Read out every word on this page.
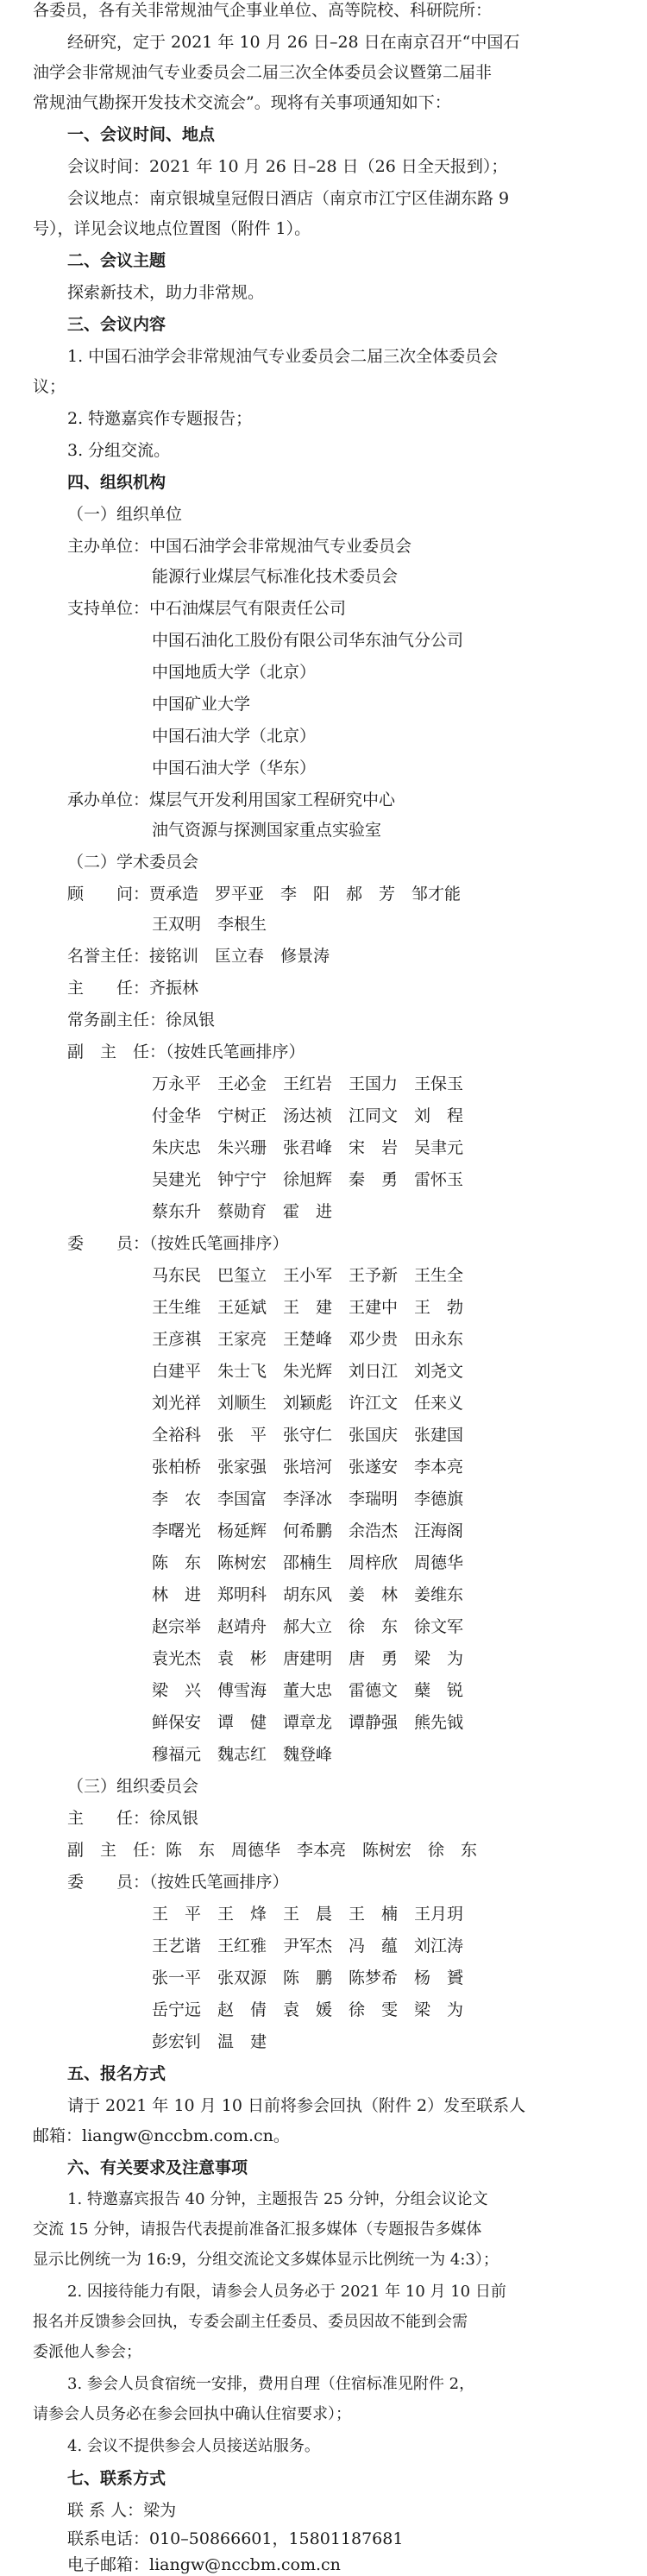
各委员，各有关非常规油气企事业单位、高等院校、科研院所：
经研究，定于 2021 年 10 月 26 日–28 日在南京召开“中国石
油学会非常规油气专业委员会二届三次全体委员会议暨第二届非
常规油气勘探开发技术交流会”。现将有关事项通知如下：
一、会议时间、地点
会议时间：2021 年 10 月 26 日–28 日（26 日全天报到）；
会议地点：南京银城皇冠假日酒店（南京市江宁区佳湖东路 9
号），详见会议地点位置图（附件 1）。
二、会议主题
探索新技术，助力非常规。
三、会议内容
1. 中国石油学会非常规油气专业委员会二届三次全体委员会
议；
2. 特邀嘉宾作专题报告；
3. 分组交流。
四、组织机构
（一）组织单位
主办单位：中国石油学会非常规油气专业委员会
能源行业煤层气标准化技术委员会
支持单位：中石油煤层气有限责任公司
中国石油化工股份有限公司华东油气分公司
中国地质大学（北京）
中国矿业大学
中国石油大学（北京）
中国石油大学（华东）
承办单位：煤层气开发利用国家工程研究中心
油气资源与探测国家重点实验室
（二）学术委员会
顾　　问：贾承造　罗平亚　李　阳　郝　芳　邹才能
王双明　李根生
名誉主任：接铭训　匡立春　修景涛
主　　任：齐振林
常务副主任：徐凤银
副　主　任：（按姓氏笔画排序）
万永平　王必金　王红岩　王国力　王保玉
付金华　宁树正　汤达祯　江同文　刘　程
朱庆忠　朱兴珊　张君峰　宋　岩　吴聿元
吴建光　钟宁宁　徐旭辉　秦　勇　雷怀玉
蔡东升　蔡勋育　霍　进
委　　员：（按姓氏笔画排序）
马东民　巴玺立　王小军　王予新　王生全
王生维　王延斌　王　建　王建中　王　勃
王彦祺　王家亮　王楚峰　邓少贵　田永东
白建平　朱士飞　朱光辉　刘日江　刘尧文
刘光祥　刘顺生　刘颖彪　许江文　任来义
全裕科　张　平　张守仁　张国庆　张建国
张柏桥　张家强　张培河　张遂安　李本亮
李　农　李国富　李泽冰　李瑞明　李德旗
李曙光　杨延辉　何希鹏　余浩杰　汪海阁
陈　东　陈树宏　邵楠生　周梓欣　周德华
林　进　郑明科　胡东风　姜　林　姜维东
赵宗举　赵靖舟　郝大立　徐　东　徐文军
袁光杰　袁　彬　唐建明　唐　勇　梁　为
梁　兴　傅雪海　董大忠　雷德文　蘖　锐
鲜保安　谭　健　谭章龙　谭静强　熊先钺
穆福元　魏志红　魏登峰
（三）组织委员会
主　　任：徐凤银
副　主　任：陈　东　周德华　李本亮　陈树宏　徐　东
委　　员：（按姓氏笔画排序）
王　平　王　烽　王　晨　王　楠　王月玥
王艺谐　王红雅　尹军杰　冯　蕴　刘江涛
张一平　张双源　陈　鹏　陈梦希　杨　贇
岳宁远　赵　倩　袁　媛　徐　雯　梁　为
彭宏钊　温　建
五、报名方式
请于 2021 年 10 月 10 日前将参会回执（附件 2）发至联系人
邮箱：liangw@nccbm.com.cn。
六、有关要求及注意事项
1. 特邀嘉宾报告 40 分钟，主题报告 25 分钟，分组会议论文
交流 15 分钟，请报告代表提前准备汇报多媒体（专题报告多媒体
显示比例统一为 16:9，分组交流论文多媒体显示比例统一为 4:3）；
2. 因接待能力有限，请参会人员务必于 2021 年 10 月 10 日前
报名并反馈参会回执，专委会副主任委员、委员因故不能到会需
委派他人参会；
3. 参会人员食宿统一安排，费用自理（住宿标准见附件 2，
请参会人员务必在参会回执中确认住宿要求）；
4. 会议不提供参会人员接送站服务。
七、联系方式
联 系 人：梁为
联系电话：010–50866601，15801187681
电子邮箱：liangw@nccbm.com.cn
